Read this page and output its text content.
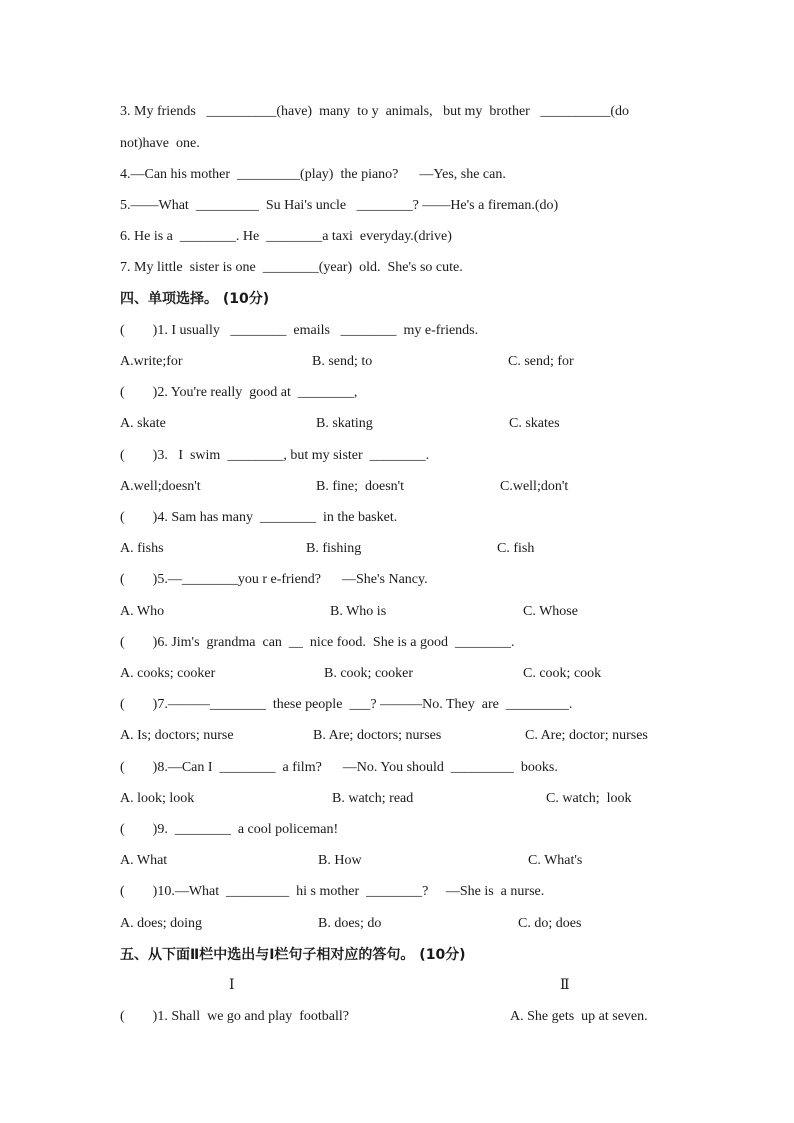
3. My friends   __________(have)  many  to y  animals,   but my  brother   __________(do
not)have  one.
4.—Can his mother  _________(play)  the piano?      —Yes, she can.
5.——What  _________  Su Hai's uncle   ________? ——He's a fireman.(do)
6. He is a  ________. He  ________a taxi  everyday.(drive)
7. My little  sister is one  ________(year)  old.  She's so cute.
四、单项选择。 (10分)
(        )1. I usually   ________  emails   ________  my e-friends.
A.write;for	B. send; to	C. send; for
(        )2. You're really  good at  ________,
A. skate	B. skating	C. skates
(        )3.   I  swim  ________, but my sister  ________.
A.well;doesn't	B. fine;  doesn't	C.well;don't
(        )4. Sam has many  ________  in the basket.
A. fishs	B. fishing	C. fish
(        )5.—________you r e-friend?      —She's Nancy.
A. Who	B. Who is	C. Whose
(        )6. Jim's  grandma  can  __  nice food.  She is a good  ________.
A. cooks; cooker	B. cook; cooker	C. cook; cook
(        )7.———________  these people  ___? ———No. They  are  _________.
A. Is; doctors; nurse	B. Are; doctors; nurses	C. Are; doctor; nurses
(        )8.—Can I  ________  a film?      —No. You should  _________  books.
A. look; look	B. watch; read	C. watch;  look
(        )9.  ________  a cool policeman!
A. What	B. How	C. What's
(        )10.—What  _________  hi s mother  ________?     —She is  a nurse.
A. does; doing	B. does; do	C. do; does
五、从下面Ⅱ栏中选出与Ⅰ栏句子相对应的答句。 (10分)
Ⅰ	Ⅱ
(        )1. Shall  we go and play  football?	A. She gets  up at seven.
